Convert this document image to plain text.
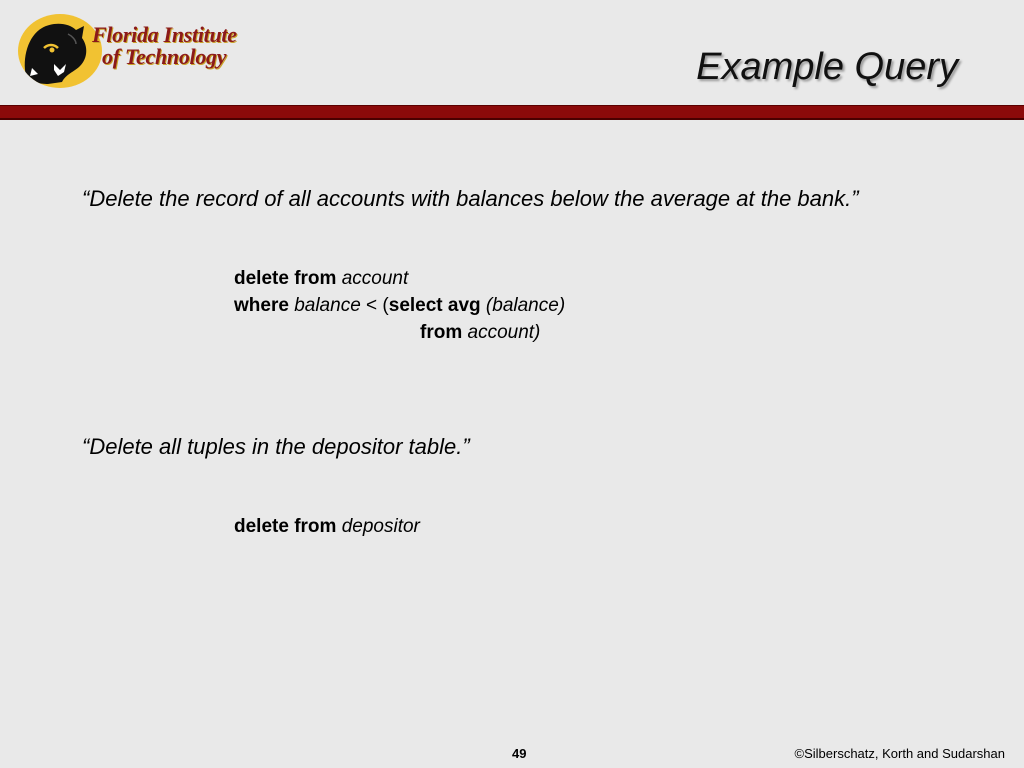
Florida Institute
of Technology	Example Query
“Delete the record of all accounts with balances below the average at the bank.”
delete from account
where balance < (select avg (balance)
from account)
“Delete all tuples in the depositor table.”
delete from depositor
49	©Silberschatz, Korth and Sudarshan
